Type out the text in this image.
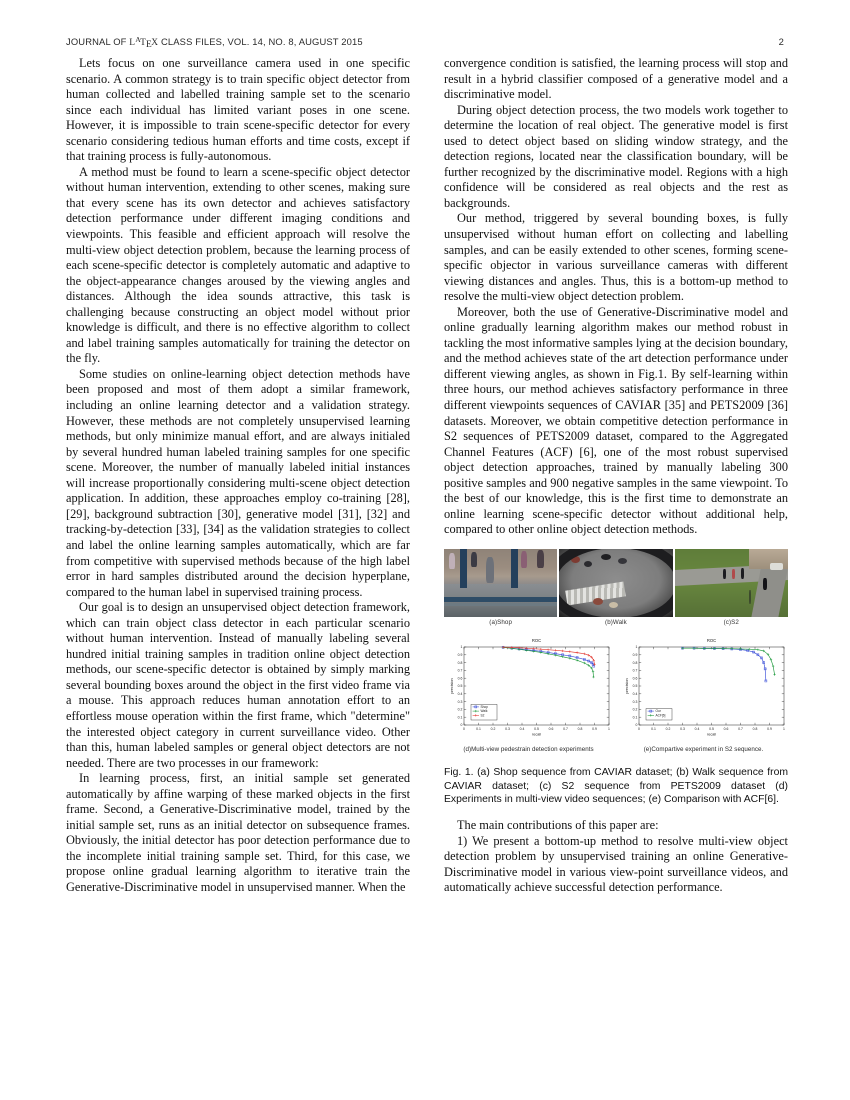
JOURNAL OF $L^ATEX$ CLASS FILES, VOL. 14, NO. 8, AUGUST 2015	2

Lets focus on one surveillance camera used in one specific scenario. A common strategy is to train specific object detector from human collected and labelled training sample set to the scenario since each individual has limited variant poses in one scene. However, it is impossible to train scene-specific detector for every scenario considering tedious human efforts and time costs, except if that training process is fully-autonomous.

A method must be found to learn a scene-specific object detector without human intervention, extending to other scenes, making sure that every scene has its own detector and achieves satisfactory detection performance under different imaging conditions and viewpoints. This feasible and efficient approach will resolve the multi-view object detection problem, because the learning process of each scene-specific detector is completely automatic and adaptive to the object-appearance changes aroused by the viewing angles and distances. Although the idea sounds attractive, this task is challenging because constructing an object model without prior knowledge is difficult, and there is no effective algorithm to collect and label training samples automatically for training the detector on the fly.

Some studies on online-learning object detection methods have been proposed and most of them adopt a similar framework, including an online learning detector and a validation strategy. However, these methods are not completely unsupervised learning methods, but only minimize manual effort, and are always initialed by several hundred human labeled training samples for one specific scene. Moreover, the number of manually labeled initial instances will increase proportionally considering multi-scene object detection application. In addition, these approaches employ co-training [28], [29], background subtraction [30], generative model [31], [32] and tracking-by-detection [33], [34] as the validation strategies to collect and label the online learning samples automatically, which are far from competitive with supervised methods because of the high label error in hard samples distributed around the decision hyperplane, compared to the human label in supervised training process.

Our goal is to design an unsupervised object detection framework, which can train object class detector in each particular scenario without human intervention. Instead of manually labeling several hundred initial training samples in tradition online object detection methods, our scene-specific detector is obtained by simply marking several bounding boxes around the object in the first video frame via a mouse. This approach reduces human annotation effort to an effortless mouse operation within the first frame, which "determine" the interested object category in current surveillance video. Other than this, human labeled samples or general object detectors are not needed. There are two processes in our framework:

In learning process, first, an initial sample set generated automatically by affine warping of these marked objects in the first frame. Second, a Generative-Discriminative model, trained by the initial sample set, runs as an initial detector on subsequence frames. Obviously, the initial detector has poor detection performance due to the incomplete initial training sample set. Third, for this case, we propose online gradual learning algorithm to iterative train the Generative-Discriminative model in unsupervised manner. When the

convergence condition is satisfied, the learning process will stop and result in a hybrid classifier composed of a generative model and a discriminative model.

During object detection process, the two models work together to determine the location of real object. The generative model is first used to detect object based on sliding window strategy, and the detection regions, located near the classification boundary, will be further recognized by the discriminative model. Regions with a high confidence will be considered as real objects and the rest as backgrounds.

Our method, triggered by several bounding boxes, is fully unsupervised without human effort on collecting and labelling samples, and can be easily extended to other scenes, forming scene-specific objector in various surveillance cameras with different viewing distances and angles. Thus, this is a bottom-up method to resolve the multi-view object detection problem.

Moreover, both the use of Generative-Discriminative model and online gradually learning algorithm makes our method robust in tackling the most informative samples lying at the decision boundary, and the method achieves state of the art detection performance under different viewing angles, as shown in Fig.1. By self-learning within three hours, our method achieves satisfactory performance in three different viewpoints sequences of CAVIAR [35] and PETS2009 [36] datasets. Moreover, we obtain competitive detection performance in S2 sequences of PETS2009 dataset, compared to the Aggregated Channel Features (ACF) [6], one of the most robust supervised object detection approaches, trained by manually labeling 300 positive samples and 900 negative samples in the same viewpoint. To the best of our knowledge, this is the first time to demonstrate an online learning scene-specific detector without additional help, compared to other online object detection methods.

(a)Shop	(b)Walk	(c)S2
ROC
0	0.1	0.2	0.3	0.4	0.5	0.6	0.7	0.8	0.9	1
0
0.1
0.2
0.3
0.4
0.5
0.6
0.7
0.8
0.9
1
recall
precision
Shop
Walk
S2
(d)Multi-view pedestrain detection experiments
ROC
0	0.1	0.2	0.3	0.4	0.5	0.6	0.7	0.8	0.9	1
0
0.1
0.2
0.3
0.4
0.5
0.6
0.7
0.8
0.9
1
recall
precision
Our
ACF[6]
(e)Compartive experiment in S2 sequence.
Fig. 1. (a) Shop sequence from CAVIAR dataset; (b) Walk sequence from CAVIAR dataset; (c) S2 sequence from PETS2009 dataset (d) Experiments in multi-view video sequences; (e) Comparison with ACF[6].

The main contributions of this paper are:

1) We present a bottom-up method to resolve multi-view object detection problem by unsupervised training an online Generative-Discriminative model in various view-point surveillance videos, and automatically achieve successful detection performance.
